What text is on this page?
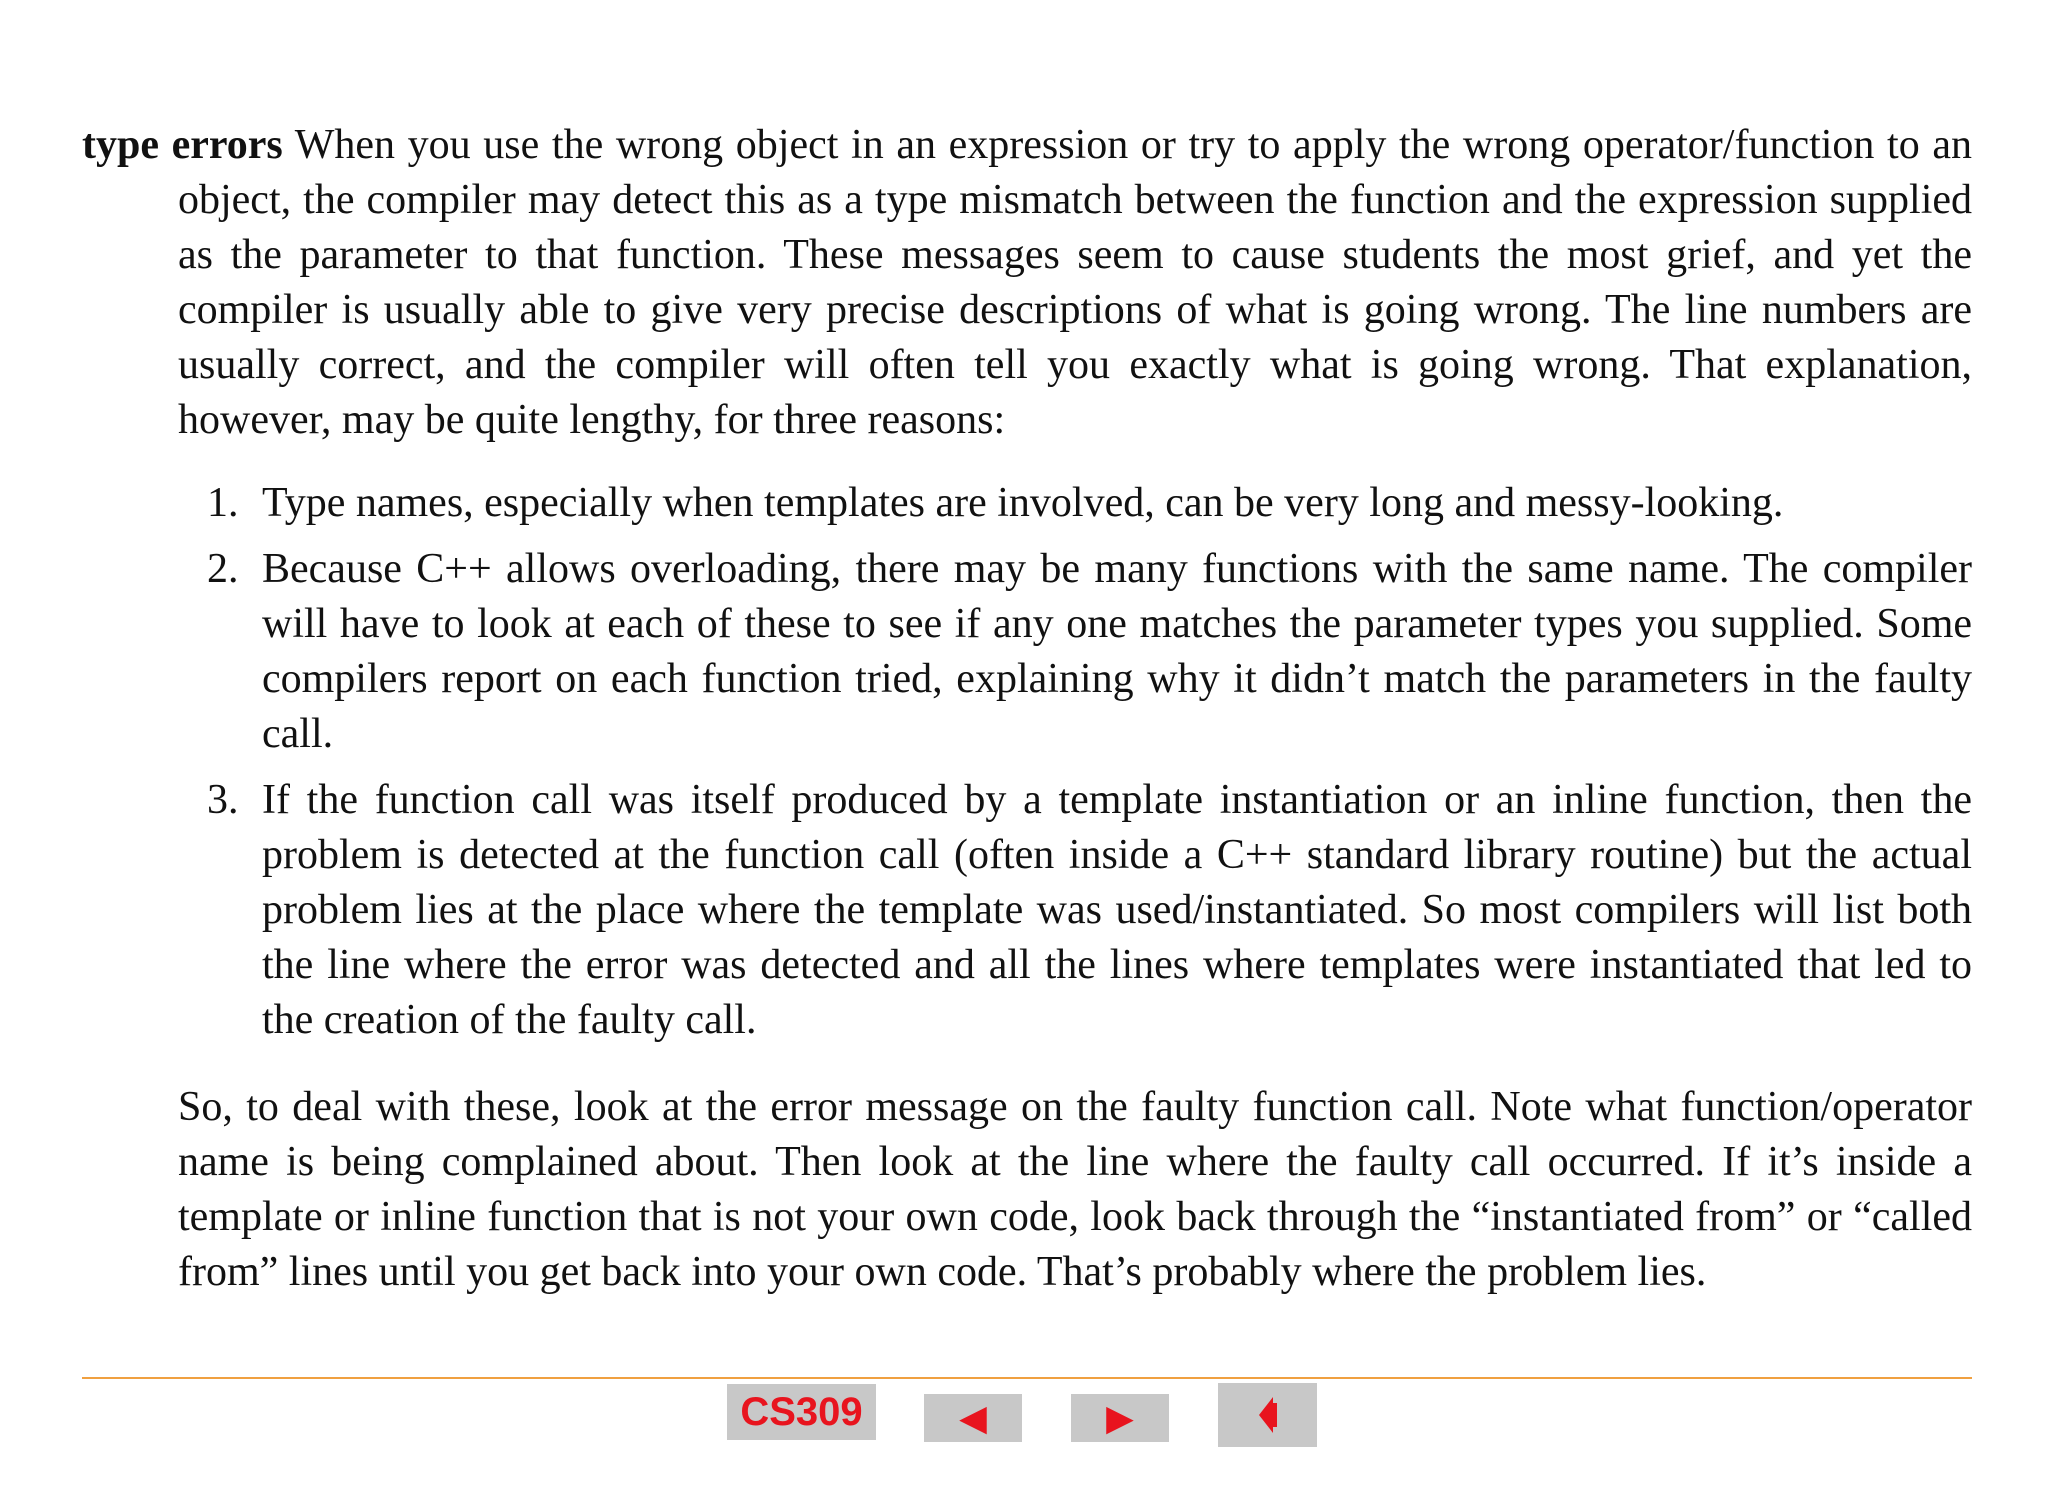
type errors When you use the wrong object in an expression or try to apply the wrong operator/function to an object, the compiler may detect this as a type mismatch between the function and the expression supplied as the parameter to that function. These messages seem to cause students the most grief, and yet the compiler is usually able to give very precise descriptions of what is going wrong. The line numbers are usually correct, and the compiler will often tell you exactly what is going wrong. That explanation, however, may be quite lengthy, for three reasons:

1. Type names, especially when templates are involved, can be very long and messy-looking.
2. Because C++ allows overloading, there may be many functions with the same name. The compiler will have to look at each of these to see if any one matches the parameter types you supplied. Some compilers report on each function tried, explaining why it didn’t match the parameters in the faulty call.
3. If the function call was itself produced by a template instantiation or an inline function, then the problem is detected at the function call (often inside a C++ standard library routine) but the actual problem lies at the place where the template was used/instantiated. So most compilers will list both the line where the error was detected and all the lines where templates were instantiated that led to the creation of the faulty call.

So, to deal with these, look at the error message on the faulty function call. Note what function/operator name is being complained about. Then look at the line where the faulty call occurred. If it’s inside a template or inline function that is not your own code, look back through the “instantiated from” or “called from” lines until you get back into your own code. That’s probably where the problem lies.

CS309	◀	▶
